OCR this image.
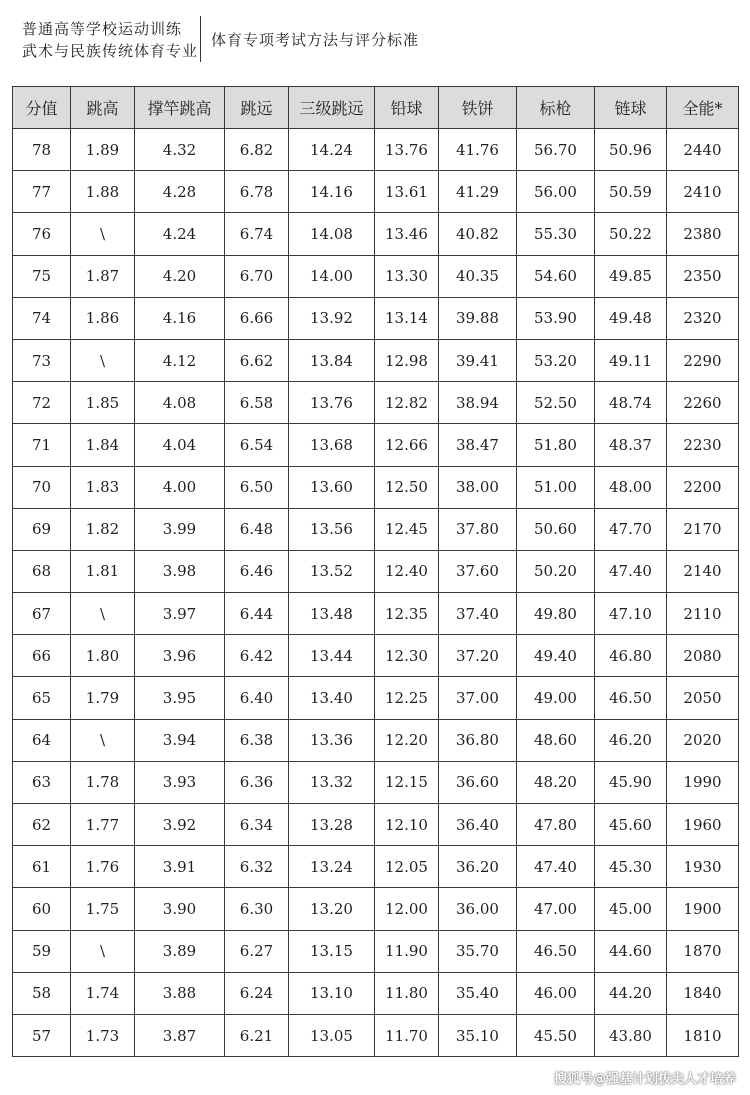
普通高等学校运动训练
武术与民族传统体育专业
体育专项考试方法与评分标准
分值	跳高	撑竿跳高	跳远	三级跳远	铅球	铁饼	标枪	链球	全能*
78	1.89	4.32	6.82	14.24	13.76	41.76	56.70	50.96	2440
77	1.88	4.28	6.78	14.16	13.61	41.29	56.00	50.59	2410
76	\	4.24	6.74	14.08	13.46	40.82	55.30	50.22	2380
75	1.87	4.20	6.70	14.00	13.30	40.35	54.60	49.85	2350
74	1.86	4.16	6.66	13.92	13.14	39.88	53.90	49.48	2320
73	\	4.12	6.62	13.84	12.98	39.41	53.20	49.11	2290
72	1.85	4.08	6.58	13.76	12.82	38.94	52.50	48.74	2260
71	1.84	4.04	6.54	13.68	12.66	38.47	51.80	48.37	2230
70	1.83	4.00	6.50	13.60	12.50	38.00	51.00	48.00	2200
69	1.82	3.99	6.48	13.56	12.45	37.80	50.60	47.70	2170
68	1.81	3.98	6.46	13.52	12.40	37.60	50.20	47.40	2140
67	\	3.97	6.44	13.48	12.35	37.40	49.80	47.10	2110
66	1.80	3.96	6.42	13.44	12.30	37.20	49.40	46.80	2080
65	1.79	3.95	6.40	13.40	12.25	37.00	49.00	46.50	2050
64	\	3.94	6.38	13.36	12.20	36.80	48.60	46.20	2020
63	1.78	3.93	6.36	13.32	12.15	36.60	48.20	45.90	1990
62	1.77	3.92	6.34	13.28	12.10	36.40	47.80	45.60	1960
61	1.76	3.91	6.32	13.24	12.05	36.20	47.40	45.30	1930
60	1.75	3.90	6.30	13.20	12.00	36.00	47.00	45.00	1900
59	\	3.89	6.27	13.15	11.90	35.70	46.50	44.60	1870
58	1.74	3.88	6.24	13.10	11.80	35.40	46.00	44.20	1840
57	1.73	3.87	6.21	13.05	11.70	35.10	45.50	43.80	1810
搜狐号@强基计划拔尖人才培养
